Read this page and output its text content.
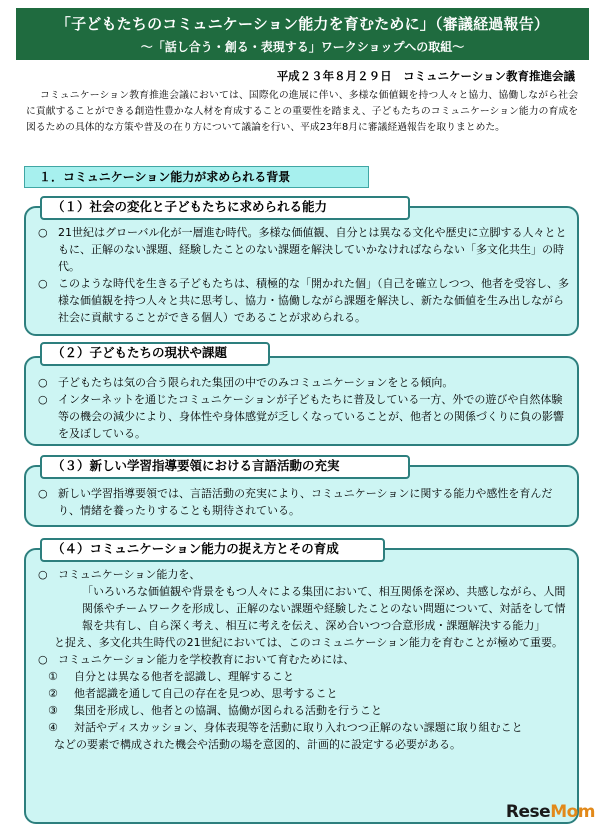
「子どもたちのコミュニケーション能力を育むために」（審議経過報告）
～「話し合う・創る・表現する」ワークショップへの取組～
平成２３年８月２９日　コミュニケーション教育推進会議
コミュニケーション教育推進会議においては、国際化の進展に伴い、多様な価値観を持つ人々と協力、協働しながら社会に貢献することができる創造性豊かな人材を育成することの重要性を踏まえ、子どもたちのコミュニケーション能力の育成を図るための具体的な方策や普及の在り方について議論を行い、平成23年8月に審議経過報告を取りまとめた。
１．コミュニケーション能力が求められる背景
○ 21世紀はグローバル化が一層進む時代。多様な価値観、自分とは異なる文化や歴史に立脚する人々とともに、正解のない課題、経験したことのない課題を解決していかなければならない「多文化共生」の時代。
○ このような時代を生きる子どもたちは、積極的な「開かれた個」（自己を確立しつつ、他者を受容し、多様な価値観を持つ人々と共に思考し、協力・協働しながら課題を解決し、新たな価値を生み出しながら社会に貢献することができる個人）であることが求められる。
（１）社会の変化と子どもたちに求められる能力
○ 子どもたちは気の合う限られた集団の中でのみコミュニケーションをとる傾向。
○ インターネットを通じたコミュニケーションが子どもたちに普及している一方、外での遊びや自然体験等の機会の減少により、身体性や身体感覚が乏しくなっていることが、他者との関係づくりに負の影響を及ぼしている。
（２）子どもたちの現状や課題
○ 新しい学習指導要領では、言語活動の充実により、コミュニケーションに関する能力や感性を育んだり、情緒を養ったりすることも期待されている。
（３）新しい学習指導要領における言語活動の充実
○ コミュニケーション能力を、
「いろいろな価値観や背景をもつ人々による集団において、相互関係を深め、共感しながら、人間関係やチームワークを形成し、正解のない課題や経験したことのない問題について、対話をして情報を共有し、自ら深く考え、相互に考えを伝え、深め合いつつ合意形成・課題解決する能力」
と捉え、多文化共生時代の21世紀においては、このコミュニケーション能力を育むことが極めて重要。
○ コミュニケーション能力を学校教育において育むためには、
① 自分とは異なる他者を認識し、理解すること
② 他者認識を通して自己の存在を見つめ、思考すること
③ 集団を形成し、他者との協調、協働が図られる活動を行うこと
④ 対話やディスカッション、身体表現等を活動に取り入れつつ正解のない課題に取り組むこと
などの要素で構成された機会や活動の場を意図的、計画的に設定する必要がある。
（４）コミュニケーション能力の捉え方とその育成
ReseMom
